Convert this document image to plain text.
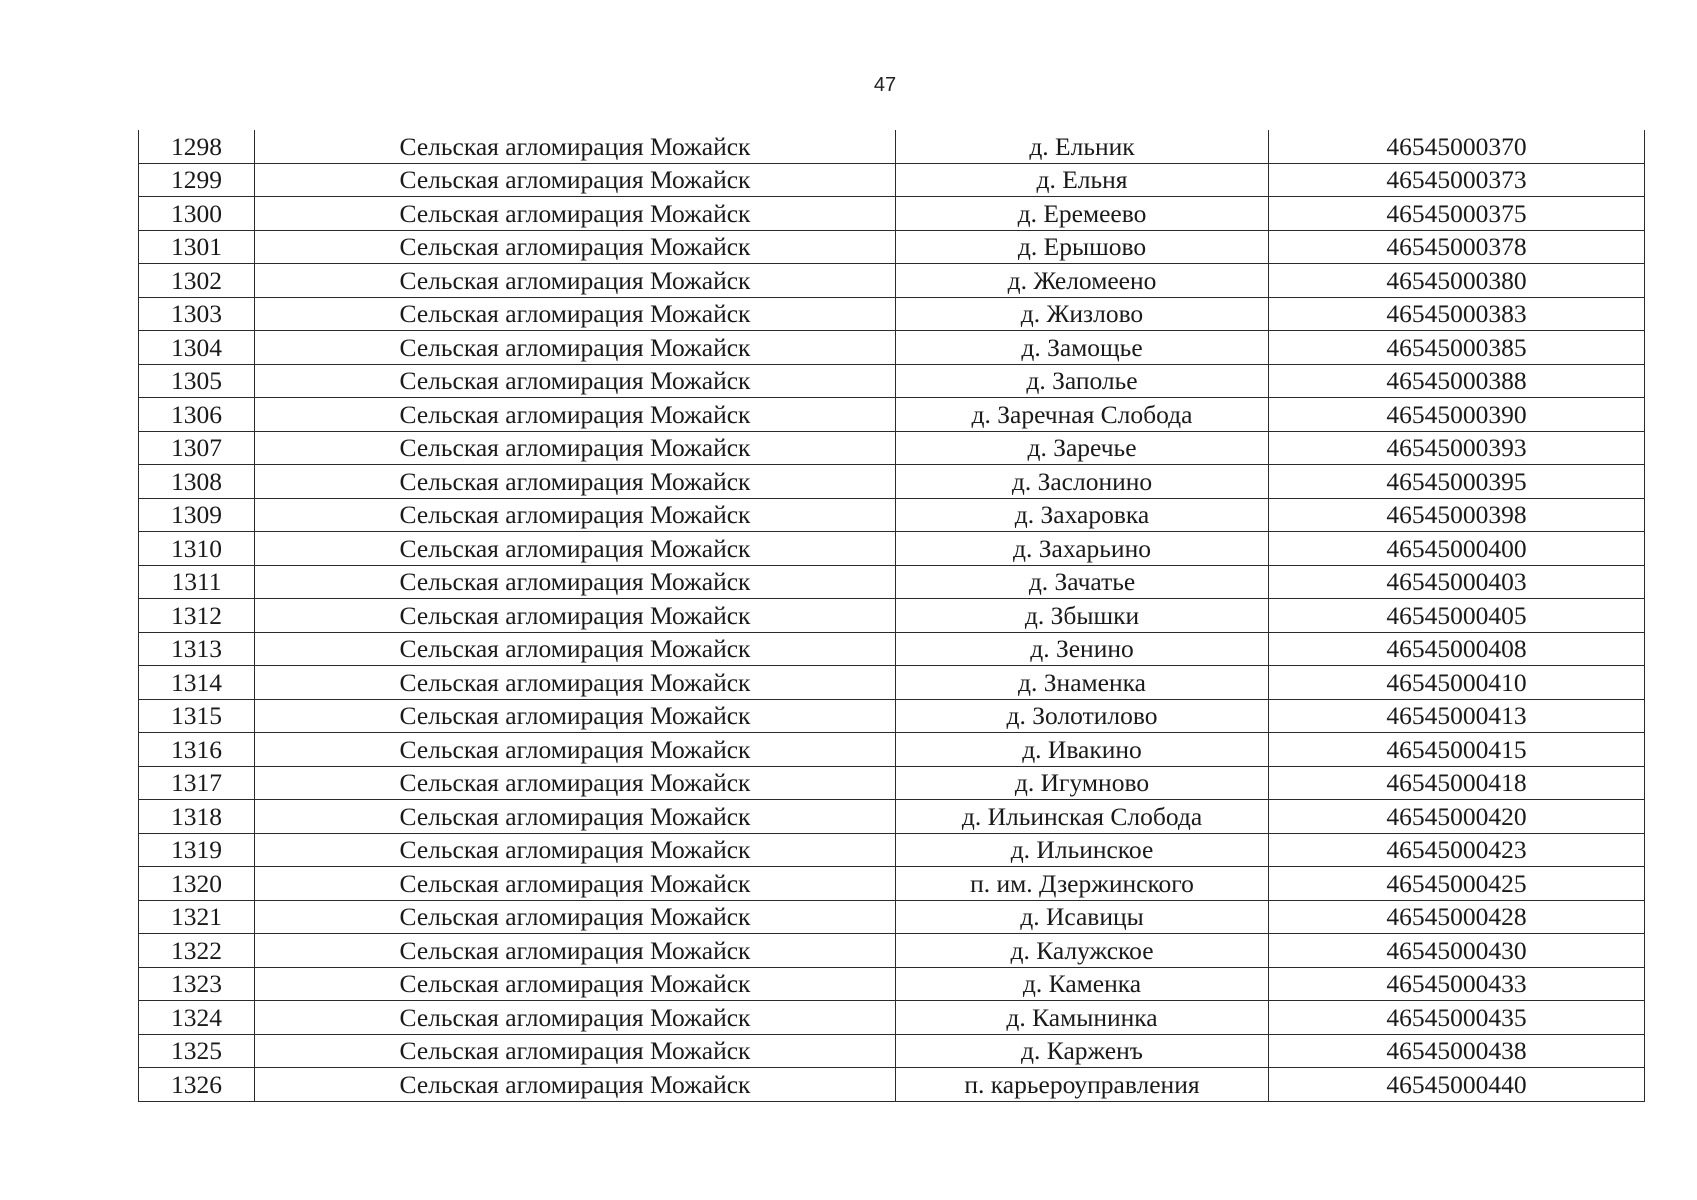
47
1298	Сельская агломирация Можайск	д. Ельник	46545000370
1299	Сельская агломирация Можайск	д. Ельня	46545000373
1300	Сельская агломирация Можайск	д. Еремеево	46545000375
1301	Сельская агломирация Можайск	д. Ерышово	46545000378
1302	Сельская агломирация Можайск	д. Желомеено	46545000380
1303	Сельская агломирация Можайск	д. Жизлово	46545000383
1304	Сельская агломирация Можайск	д. Замощье	46545000385
1305	Сельская агломирация Можайск	д. Заполье	46545000388
1306	Сельская агломирация Можайск	д. Заречная Слобода	46545000390
1307	Сельская агломирация Можайск	д. Заречье	46545000393
1308	Сельская агломирация Можайск	д. Заслонино	46545000395
1309	Сельская агломирация Можайск	д. Захаровка	46545000398
1310	Сельская агломирация Можайск	д. Захарьино	46545000400
1311	Сельская агломирация Можайск	д. Зачатье	46545000403
1312	Сельская агломирация Можайск	д. Збышки	46545000405
1313	Сельская агломирация Можайск	д. Зенино	46545000408
1314	Сельская агломирация Можайск	д. Знаменка	46545000410
1315	Сельская агломирация Можайск	д. Золотилово	46545000413
1316	Сельская агломирация Можайск	д. Ивакино	46545000415
1317	Сельская агломирация Можайск	д. Игумново	46545000418
1318	Сельская агломирация Можайск	д. Ильинская Слобода	46545000420
1319	Сельская агломирация Можайск	д. Ильинское	46545000423
1320	Сельская агломирация Можайск	п. им. Дзержинского	46545000425
1321	Сельская агломирация Можайск	д. Исавицы	46545000428
1322	Сельская агломирация Можайск	д. Калужское	46545000430
1323	Сельская агломирация Можайск	д. Каменка	46545000433
1324	Сельская агломирация Можайск	д. Камынинка	46545000435
1325	Сельская агломирация Можайск	д. Карженъ	46545000438
1326	Сельская агломирация Можайск	п. карьероуправления	46545000440
